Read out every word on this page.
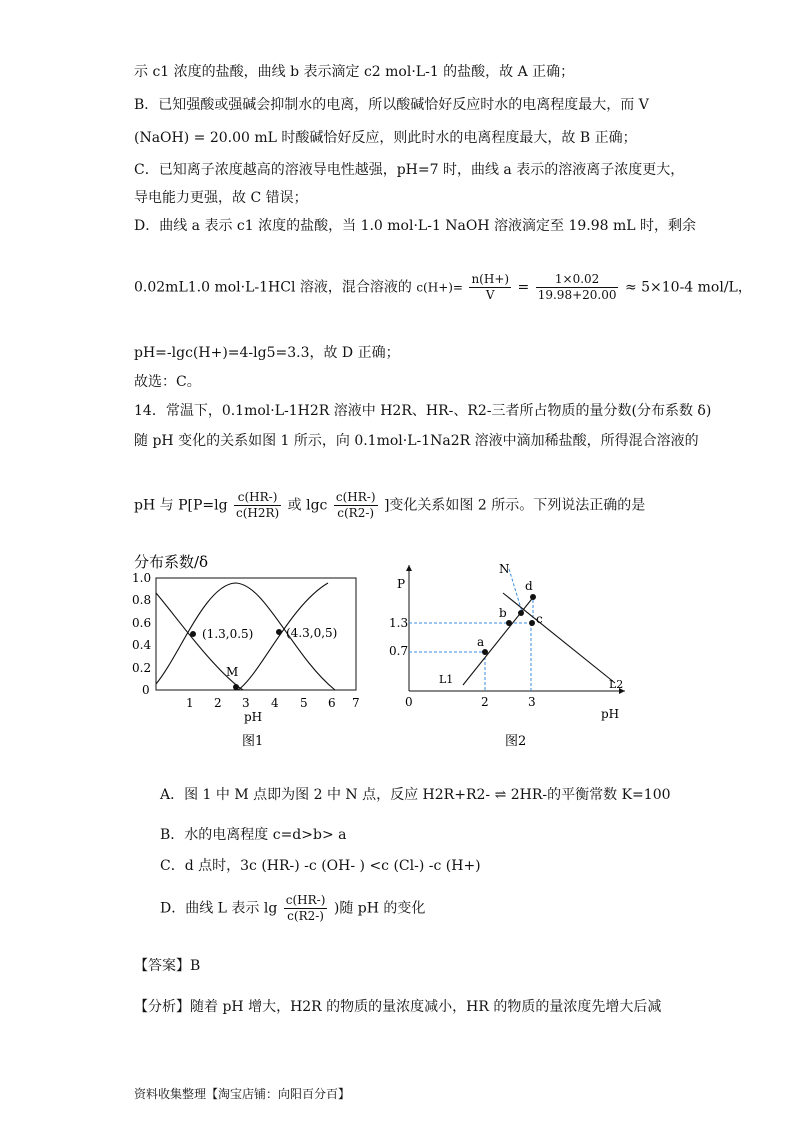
示 c1 浓度的盐酸，曲线 b 表示滴定 c2 mol·L-1 的盐酸，故 A 正确；
B．已知强酸或强碱会抑制水的电离，所以酸碱恰好反应时水的电离程度最大，而 V
(NaOH) = 20.00 mL 时酸碱恰好反应，则此时水的电离程度最大，故 B 正确；
C．已知离子浓度越高的溶液导电性越强，pH=7 时，曲线 a 表示的溶液离子浓度更大，
导电能力更强，故 C 错误；
D．曲线 a 表示 c1 浓度的盐酸，当 1.0 mol·L-1 NaOH 溶液滴定至 19.98 mL 时，剩余
0.02mL1.0 mol·L-1HCl 溶液，混合溶液的 $c(H+)= \frac{n(H+)}{V} = \frac{1\times 0.02}{19.98+20.00} \approx 5\times 10-4$ mol/L，
pH=-lgc(H+)=4-lg5=3.3，故 D 正确；
故选：C。
14．常温下，0.1mol·L-1H2R 溶液中 H2R、HR-、R2-三者所占物质的量分数(分布系数 δ)
随 pH 变化的关系如图 1 所示，向 0.1mol·L-1Na2R 溶液中滴加稀盐酸，所得混合溶液的
pH 与 $P[P=\lg \frac{c(HR-)}{c(H2R)}$ 或 lgc $\frac{c(HR-)}{c(R2-)}$ ]变化关系如图 2 所示。下列说法正确的是
分布系数/δ
1.0
0.8
0.6
0.4
0.2
0
1 2 3 4 5 6 7
pH
图1
(1.3,0.5)	(4.3,0,5)
M
P
pH
1.3
0.7
0	2	3
a
b c
d
N
L1	L2
图2
A．图 1 中 M 点即为图 2 中 N 点，反应 H2R+R2- ⇌ 2HR-的平衡常数 K=100
B．水的电离程度 c=d>b> a
C．d 点时，3c (HR-) -c (OH- ) <c (Cl-) -c (H+)
D．曲线 L 表示 $\lg \frac{c(HR-)}{c(R2-)}$ )随 pH 的变化
【答案】B
【分析】随着 pH 增大，H2R 的物质的量浓度减小，HR 的物质的量浓度先增大后减
资料收集整理【淘宝店铺：向阳百分百】
